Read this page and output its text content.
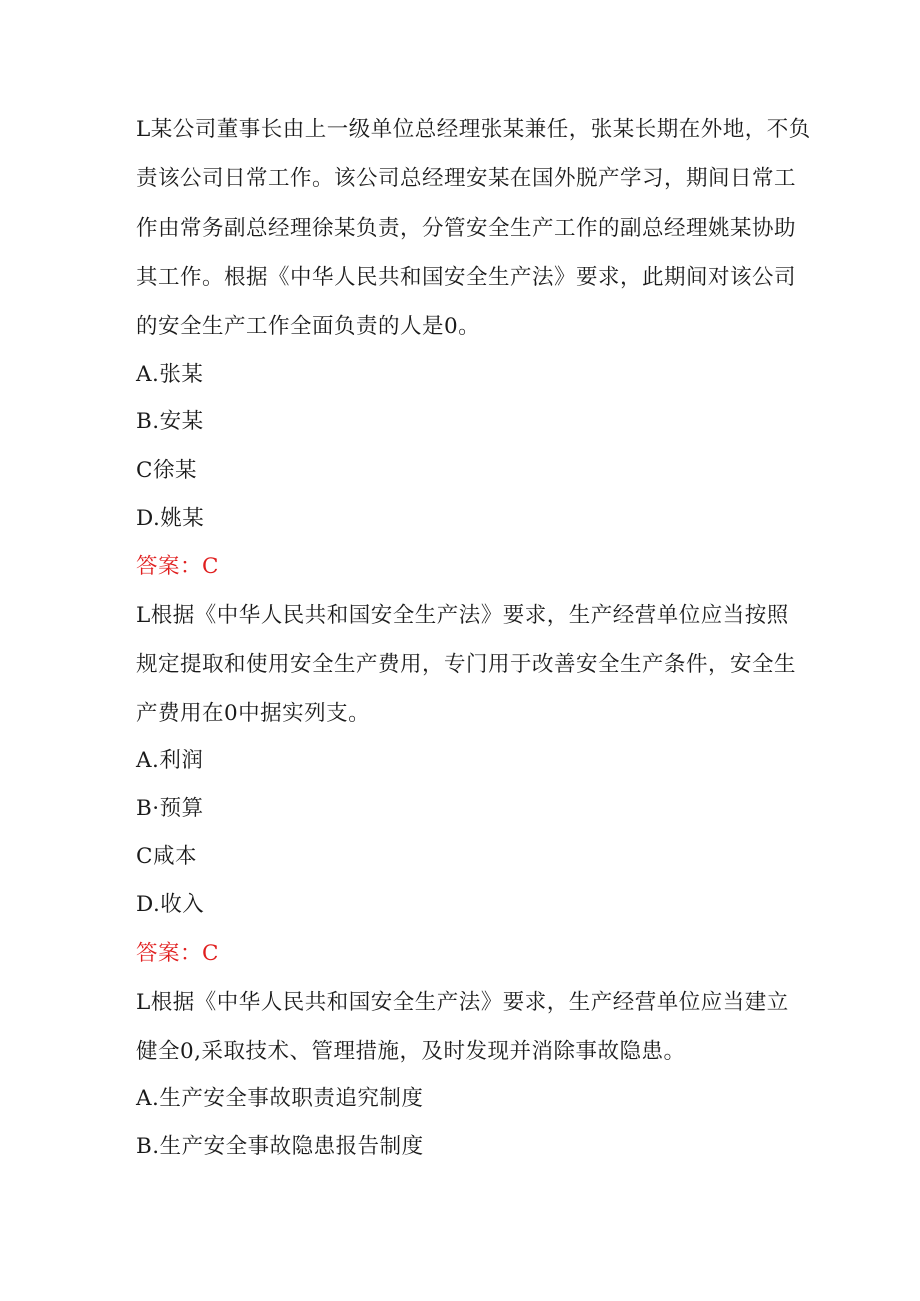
L某公司董事长由上一级单位总经理张某兼任，张某长期在外地，不负
责该公司日常工作。该公司总经理安某在国外脱产学习，期间日常工
作由常务副总经理徐某负责，分管安全生产工作的副总经理姚某协助
其工作。根据《中华人民共和国安全生产法》要求，此期间对该公司
的安全生产工作全面负责的人是0。
A.张某
B.安某
C徐某
D.姚某
答案：C
L根据《中华人民共和国安全生产法》要求，生产经营单位应当按照
规定提取和使用安全生产费用，专门用于改善安全生产条件，安全生
产费用在0中据实列支。
A.利润
B·预算
C咸本
D.收入
答案：C
L根据《中华人民共和国安全生产法》要求，生产经营单位应当建立
健全0,采取技术、管理措施，及时发现并消除事故隐患。
A.生产安全事故职责追究制度
B.生产安全事故隐患报告制度
